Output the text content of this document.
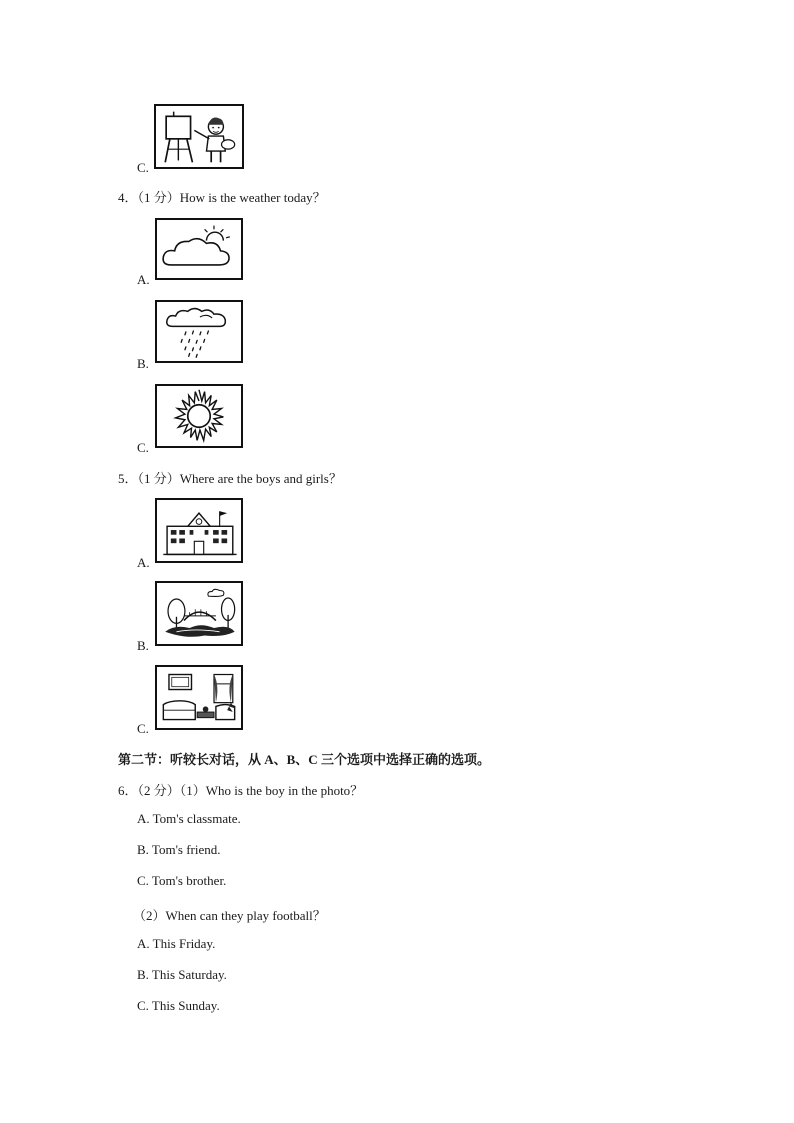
C.
4．（1 分）How is the weather today？
A.
B.
C.
5．（1 分）Where are the boys and girls？
A.
B.
C.
第二节：听较长对话，从 A、B、C 三个选项中选择正确的选项。
6．（2 分）（1）Who is the boy in the photo？
A. Tom's classmate.
B. Tom's friend.
C. Tom's brother.
（2）When can they play football？
A. This Friday.
B. This Saturday.
C. This Sunday.
